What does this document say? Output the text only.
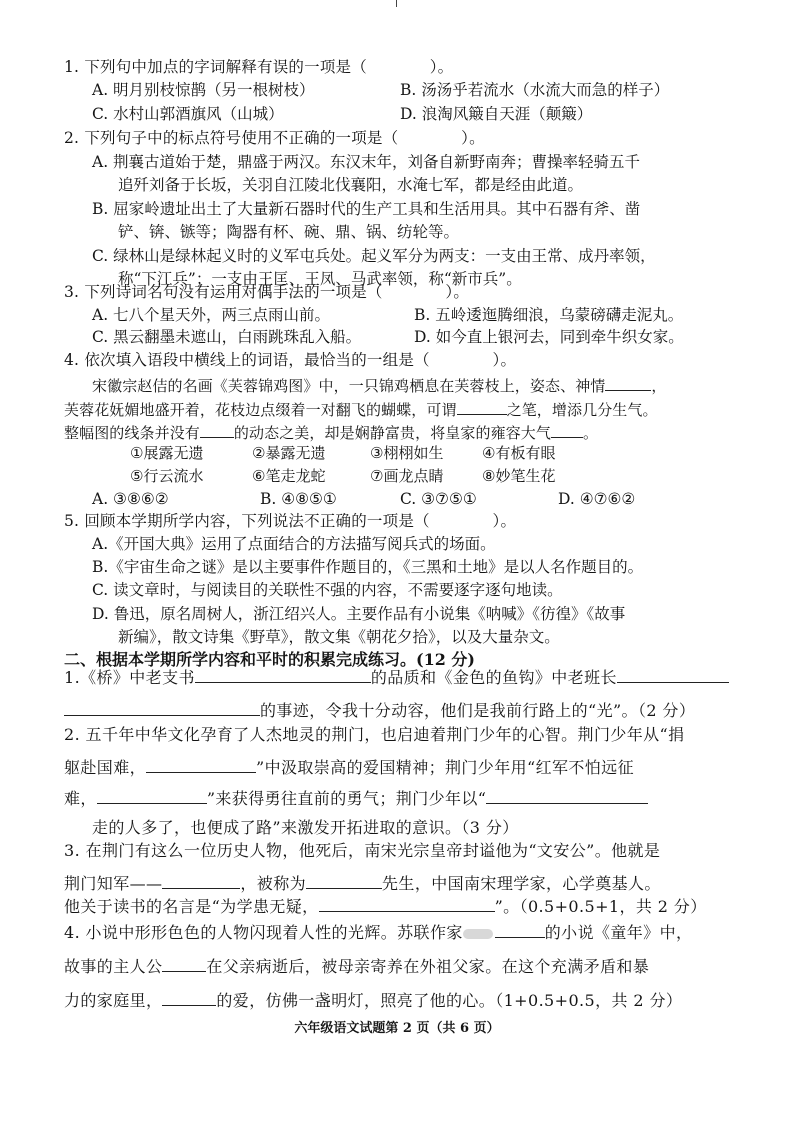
1. 下列句中加点的字词解释有误的一项是（　　　　）。
A. 明月别枝惊鹊（另一根树枝）	B. 汤汤乎若流水（水流大而急的样子）
C. 水村山郭酒旗风（山城）	D. 浪淘风簸自天涯（颠簸）
2. 下列句子中的标点符号使用不正确的一项是（　　　　）。
A. 荆襄古道始于楚，鼎盛于两汉。东汉末年，刘备自新野南奔；曹操率轻骑五千
追歼刘备于长坂，关羽自江陵北伐襄阳，水淹七军，都是经由此道。
B. 屈家岭遗址出土了大量新石器时代的生产工具和生活用具。其中石器有斧、凿
铲、锛、镞等；陶器有杯、碗、鼎、锅、纺轮等。
C. 绿林山是绿林起义时的义军屯兵处。起义军分为两支：一支由王常、成丹率领，
称“下江兵”；一支由王匡、王凤、马武率领，称“新市兵”。
3. 下列诗词名句没有运用对偶手法的一项是（　　　　）。
A. 七八个星天外，两三点雨山前。	B. 五岭逶迤腾细浪，乌蒙磅礴走泥丸。
C. 黑云翻墨未遮山，白雨跳珠乱入船。	D. 如今直上银河去，同到牵牛织女家。
4. 依次填入语段中横线上的词语，最恰当的一组是（　　　　）。
宋徽宗赵佶的名画《芙蓉锦鸡图》中，一只锦鸡栖息在芙蓉枝上，姿态、神情	，
芙蓉花妩媚地盛开着，花枝边点缀着一对翻飞的蝴蝶，可谓	之笔，增添几分生气。
整幅图的线条并没有 的动态之美，却是娴静富贵，将皇家的雍容大气 。
①展露无遗	②暴露无遗	③栩栩如生	④有板有眼
⑤行云流水	⑥笔走龙蛇	⑦画龙点睛	⑧妙笔生花
A. ③⑧⑥②	B. ④⑧⑤①	C. ③⑦⑤①	D. ④⑦⑥②
5. 回顾本学期所学内容，下列说法不正确的一项是（　　　　）。
A.《开国大典》运用了点面结合的方法描写阅兵式的场面。
B.《宇宙生命之谜》是以主要事件作题目的，《三黑和土地》是以人名作题目的。
C. 读文章时，与阅读目的关联性不强的内容，不需要逐字逐句地读。
D. 鲁迅，原名周树人，浙江绍兴人。主要作品有小说集《呐喊》《彷徨》《故事
新编》，散文诗集《野草》，散文集《朝花夕拾》，以及大量杂文。
二、根据本学期所学内容和平时的积累完成练习。(12 分)
1.《桥》中老支书	的品质和《金色的鱼钩》中老班长
的事迹，令我十分动容，他们是我前行路上的“光”。（2 分）
2. 五千年中华文化孕育了人杰地灵的荆门，也启迪着荆门少年的心智。荆门少年从“捐
躯赴国难，	”中汲取崇高的爱国精神；荆门少年用“红军不怕远征
难，	”来获得勇往直前的勇气；荆门少年以“
走的人多了，也便成了路”来激发开拓进取的意识。（3 分）
3. 在荆门有这么一位历史人物，他死后，南宋光宗皇帝封谥他为“文安公”。他就是
荆门知军——	，被称为	先生，中国南宋理学家，心学奠基人。
他关于读书的名言是“为学患无疑，	”。（0.5+0.5+1，共 2 分）
六年级语文试题第 2 页（共 6 页）
4. 小说中形形色色的人物闪现着人性的光辉。苏联作家	的小说《童年》中，
故事的主人公	在父亲病逝后，被母亲寄养在外祖父家。在这个充满矛盾和暴
力的家庭里，	的爱，仿佛一盏明灯，照亮了他的心。（1+0.5+0.5，共 2 分）
